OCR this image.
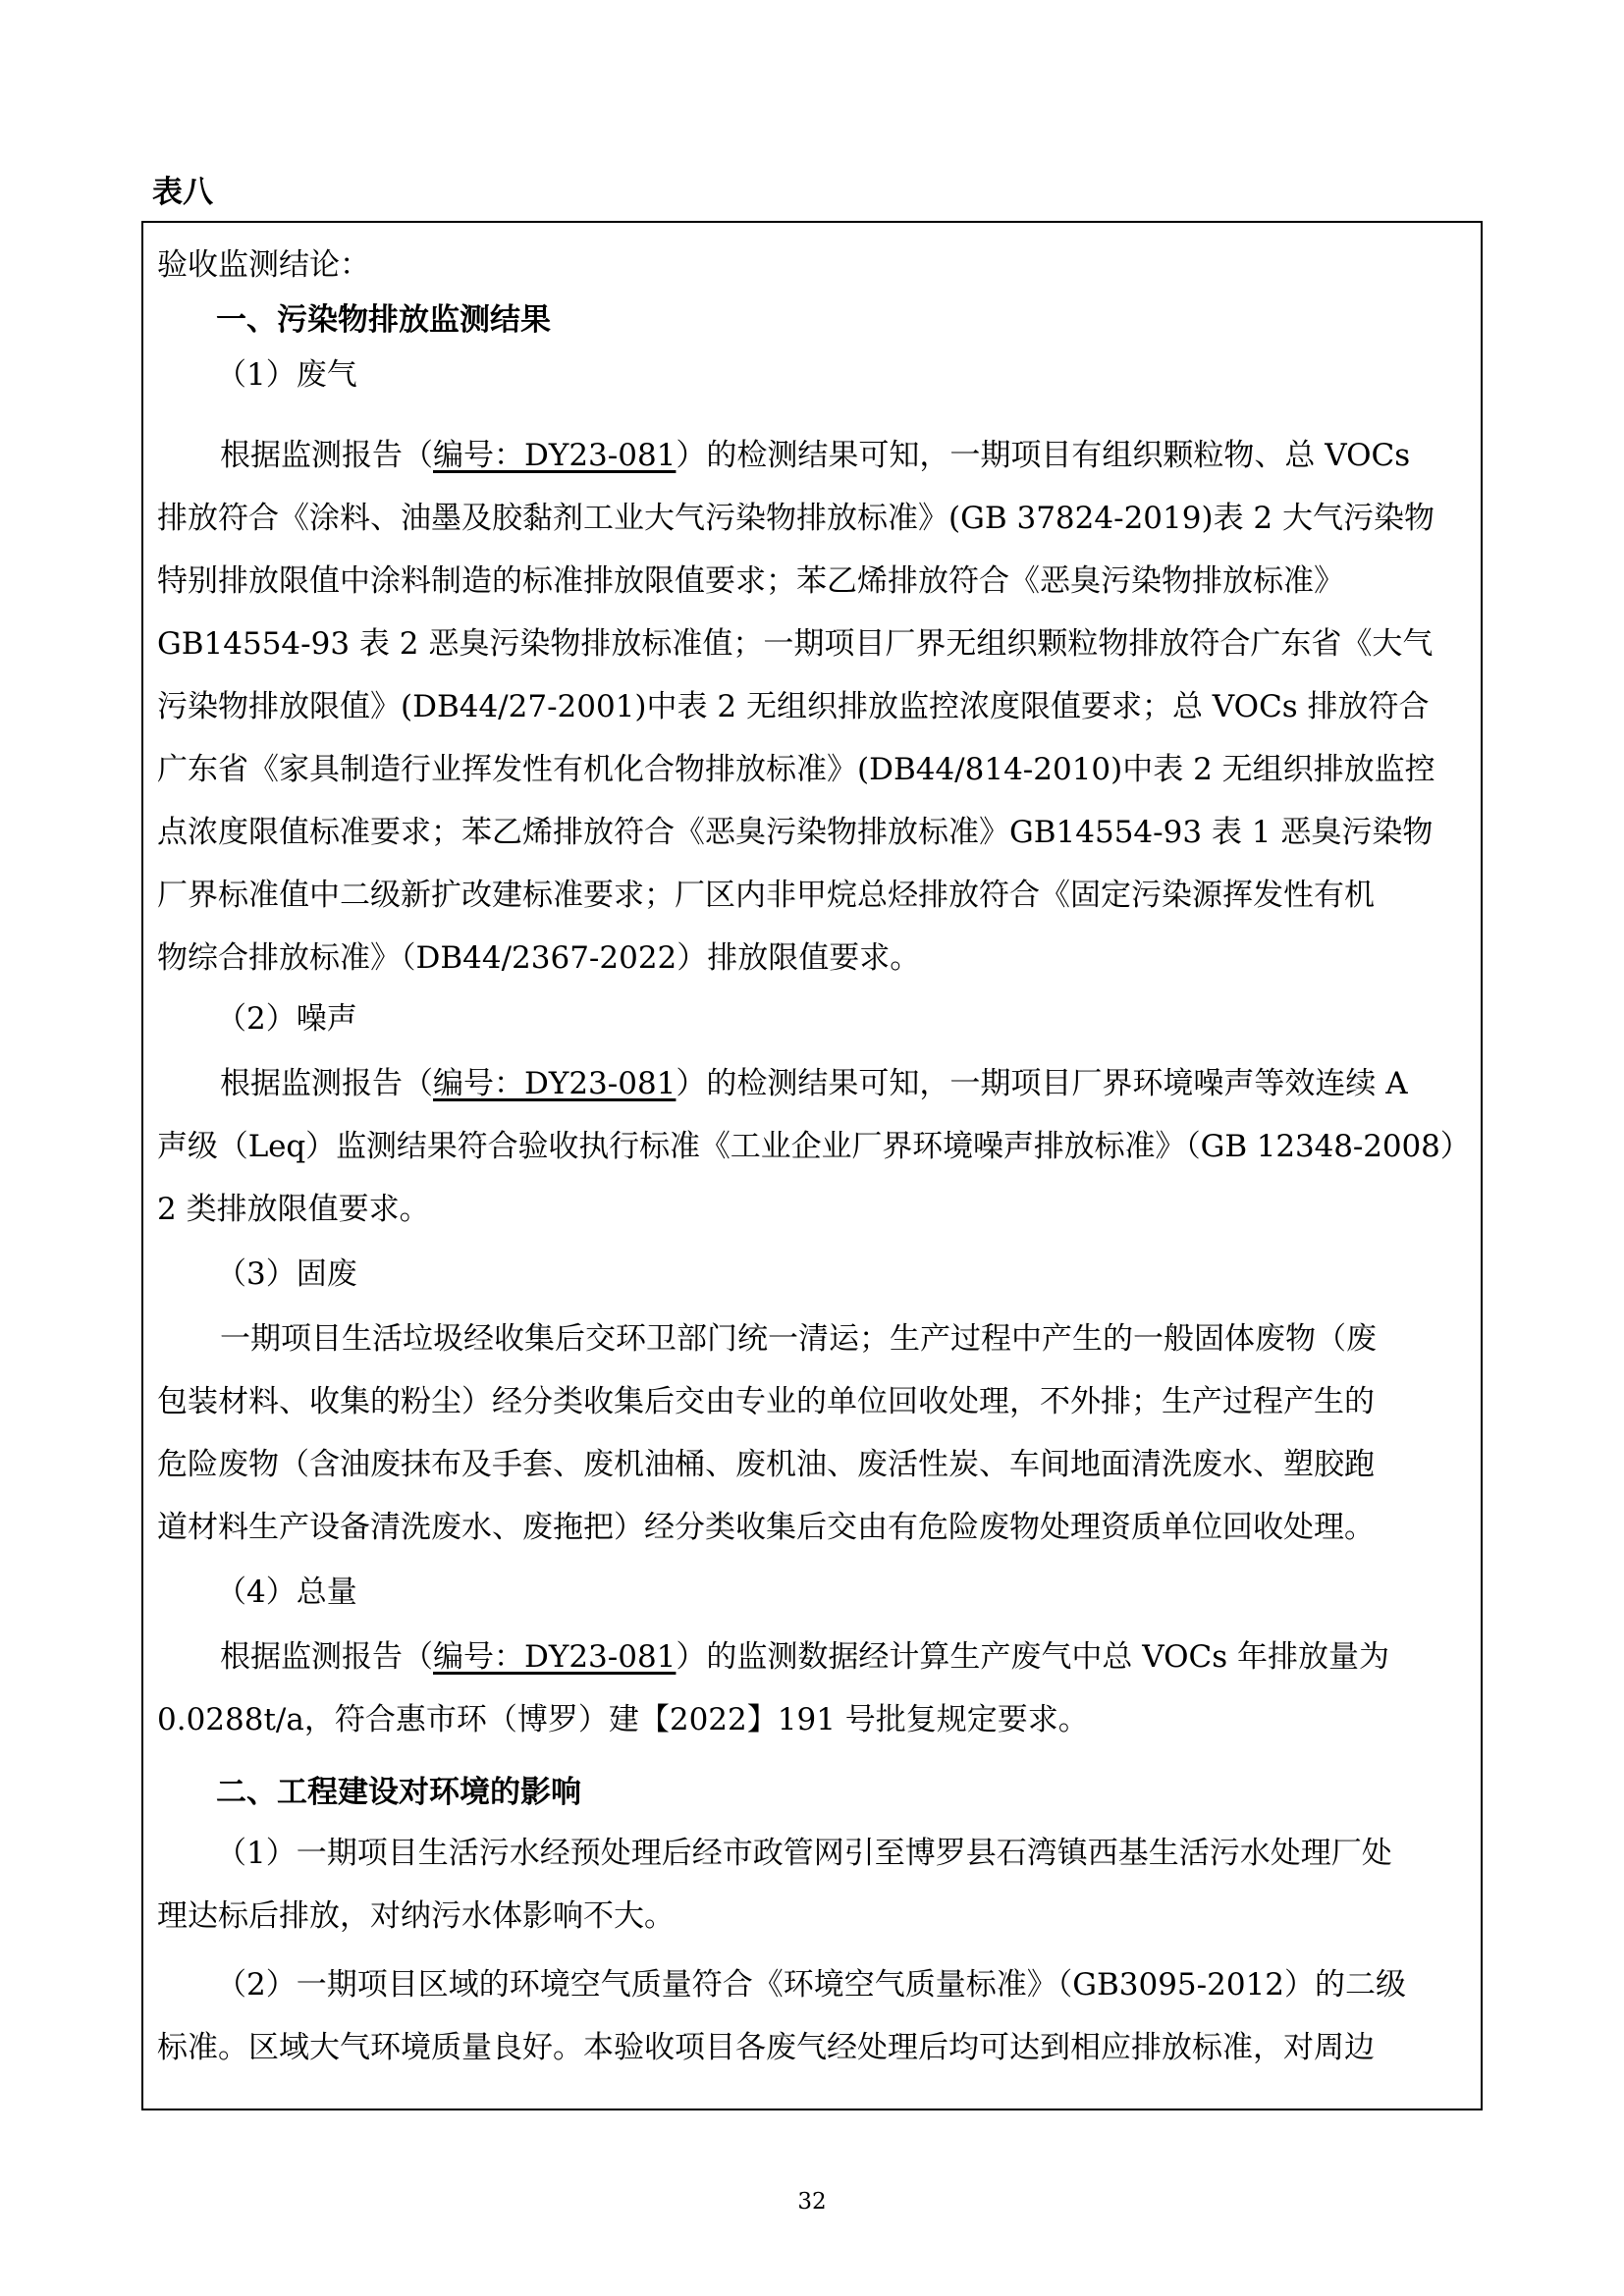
表八
验收监测结论：
一、污染物排放监测结果
（1）废气
根据监测报告（编号：DY23-081）的检测结果可知，一期项目有组织颗粒物、总 VOCs
排放符合《涂料、油墨及胶黏剂工业大气污染物排放标准》(GB 37824-2019)表 2 大气污染物
特别排放限值中涂料制造的标准排放限值要求；苯乙烯排放符合《恶臭污染物排放标准》
GB14554-93 表 2 恶臭污染物排放标准值；一期项目厂界无组织颗粒物排放符合广东省《大气
污染物排放限值》(DB44/27-2001)中表 2 无组织排放监控浓度限值要求；总 VOCs 排放符合
广东省《家具制造行业挥发性有机化合物排放标准》(DB44/814-2010)中表 2 无组织排放监控
点浓度限值标准要求；苯乙烯排放符合《恶臭污染物排放标准》GB14554-93 表 1 恶臭污染物
厂界标准值中二级新扩改建标准要求；厂区内非甲烷总烃排放符合《固定污染源挥发性有机
物综合排放标准》（DB44/2367-2022）排放限值要求。
（2）噪声
根据监测报告（编号：DY23-081）的检测结果可知，一期项目厂界环境噪声等效连续 A
声级（Leq）监测结果符合验收执行标准《工业企业厂界环境噪声排放标准》（GB 12348-2008）
2 类排放限值要求。
（3）固废
一期项目生活垃圾经收集后交环卫部门统一清运；生产过程中产生的一般固体废物（废
包装材料、收集的粉尘）经分类收集后交由专业的单位回收处理，不外排；生产过程产生的
危险废物（含油废抹布及手套、废机油桶、废机油、废活性炭、车间地面清洗废水、塑胶跑
道材料生产设备清洗废水、废拖把）经分类收集后交由有危险废物处理资质单位回收处理。
（4）总量
根据监测报告（编号：DY23-081）的监测数据经计算生产废气中总 VOCs 年排放量为
0.0288t/a，符合惠市环（博罗）建【2022】191 号批复规定要求。
二、工程建设对环境的影响
（1）一期项目生活污水经预处理后经市政管网引至博罗县石湾镇西基生活污水处理厂处
理达标后排放，对纳污水体影响不大。
（2）一期项目区域的环境空气质量符合《环境空气质量标准》（GB3095-2012）的二级
标准。区域大气环境质量良好。本验收项目各废气经处理后均可达到相应排放标准，对周边
32
